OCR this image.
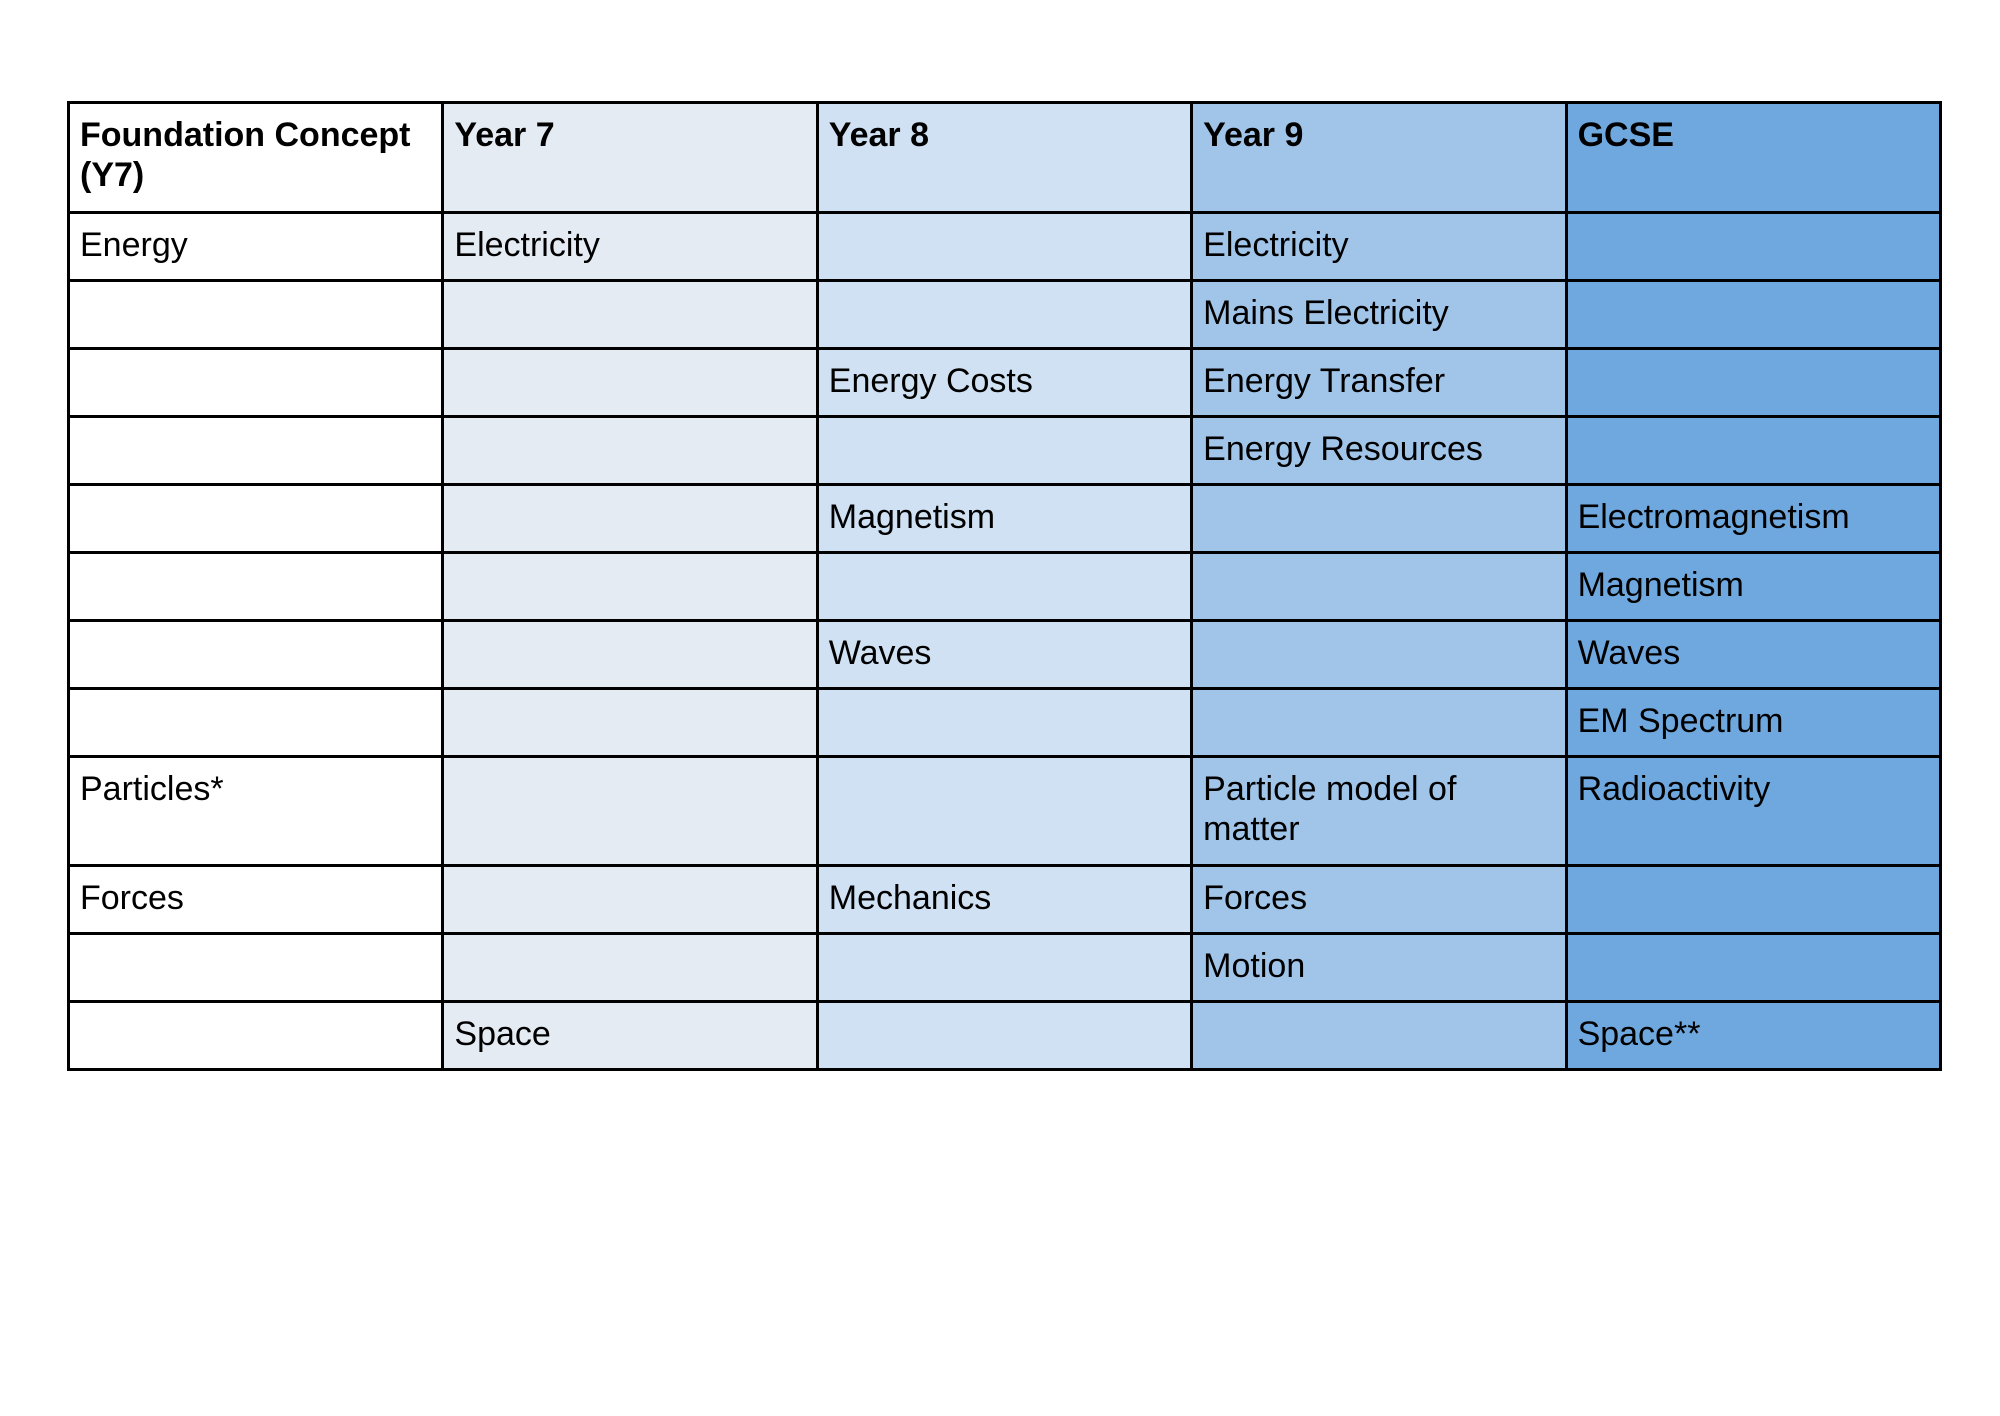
Foundation Concept (Y7)	Year 7	Year 8	Year 9	GCSE
Energy	Electricity		Electricity	
			Mains Electricity	
		Energy Costs	Energy Transfer	
			Energy Resources	
		Magnetism		Electromagnetism
				Magnetism
		Waves		Waves
				EM Spectrum
Particles*			Particle model of matter	Radioactivity
Forces		Mechanics	Forces	
			Motion	
	Space			Space**
